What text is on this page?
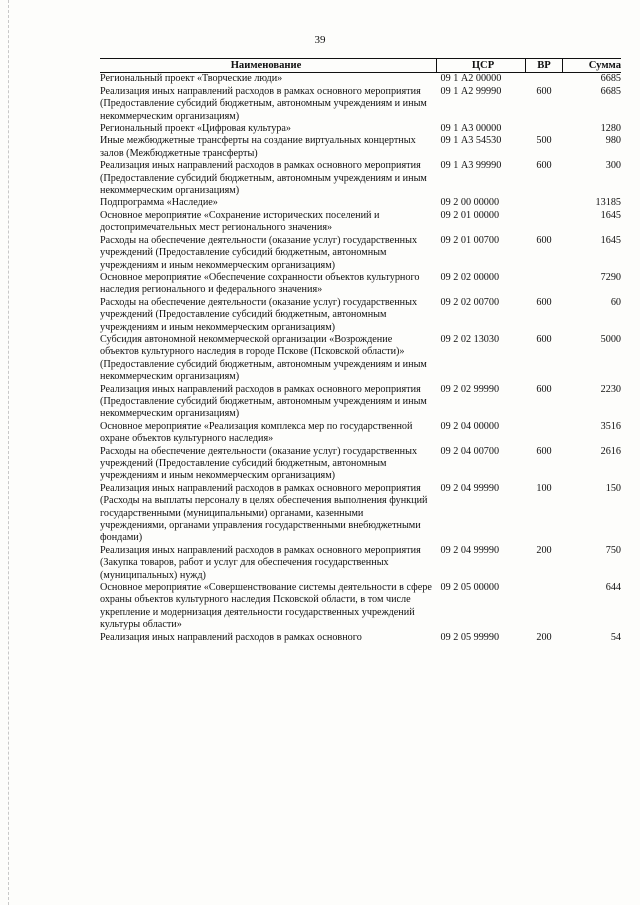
39
Наименование	ЦСР	ВР	Сумма
Региональный проект «Творческие люди»	09 1 А2 00000		6685
Реализация иных направлений расходов в рамках основного мероприятия (Предоставление субсидий бюджетным, автономным учреждениям и иным некоммерческим организациям)	09 1 А2 99990	600	6685
Региональный проект «Цифровая культура»	09 1 А3 00000		1280
Иные межбюджетные трансферты на создание виртуальных концертных залов (Межбюджетные трансферты)	09 1 А3 54530	500	980
Реализация иных направлений расходов в рамках основного мероприятия (Предоставление субсидий бюджетным, автономным учреждениям и иным некоммерческим организациям)	09 1 А3 99990	600	300
Подпрограмма «Наследие»	09 2 00 00000		13185
Основное мероприятие «Сохранение исторических поселений и достопримечательных мест регионального значения»	09 2 01 00000		1645
Расходы на обеспечение деятельности (оказание услуг) государственных учреждений (Предоставление субсидий бюджетным, автономным учреждениям и иным некоммерческим организациям)	09 2 01 00700	600	1645
Основное мероприятие «Обеспечение сохранности объектов культурного наследия регионального и федерального значения»	09 2 02 00000		7290
Расходы на обеспечение деятельности (оказание услуг) государственных учреждений (Предоставление субсидий бюджетным, автономным учреждениям и иным некоммерческим организациям)	09 2 02 00700	600	60
Субсидия автономной некоммерческой организации «Возрождение объектов культурного наследия в городе Пскове (Псковской области)» (Предоставление субсидий бюджетным, автономным учреждениям и иным некоммерческим организациям)	09 2 02 13030	600	5000
Реализация иных направлений расходов в рамках основного мероприятия (Предоставление субсидий бюджетным, автономным учреждениям и иным некоммерческим организациям)	09 2 02 99990	600	2230
Основное мероприятие «Реализация комплекса мер по государственной охране объектов культурного наследия»	09 2 04 00000		3516
Расходы на обеспечение деятельности (оказание услуг) государственных учреждений (Предоставление субсидий бюджетным, автономным учреждениям и иным некоммерческим организациям)	09 2 04 00700	600	2616
Реализация иных направлений расходов в рамках основного мероприятия (Расходы на выплаты персоналу в целях обеспечения выполнения функций государственными (муниципальными) органами, казенными учреждениями, органами управления государственными внебюджетными фондами)	09 2 04 99990	100	150
Реализация иных направлений расходов в рамках основного мероприятия (Закупка товаров, работ и услуг для обеспечения государственных (муниципальных) нужд)	09 2 04 99990	200	750
Основное мероприятие «Совершенствование системы деятельности в сфере охраны объектов культурного наследия Псковской области, в том числе укрепление и модернизация деятельности государственных учреждений культуры области»	09 2 05 00000		644
Реализация иных направлений расходов в рамках основного	09 2 05 99990	200	54
